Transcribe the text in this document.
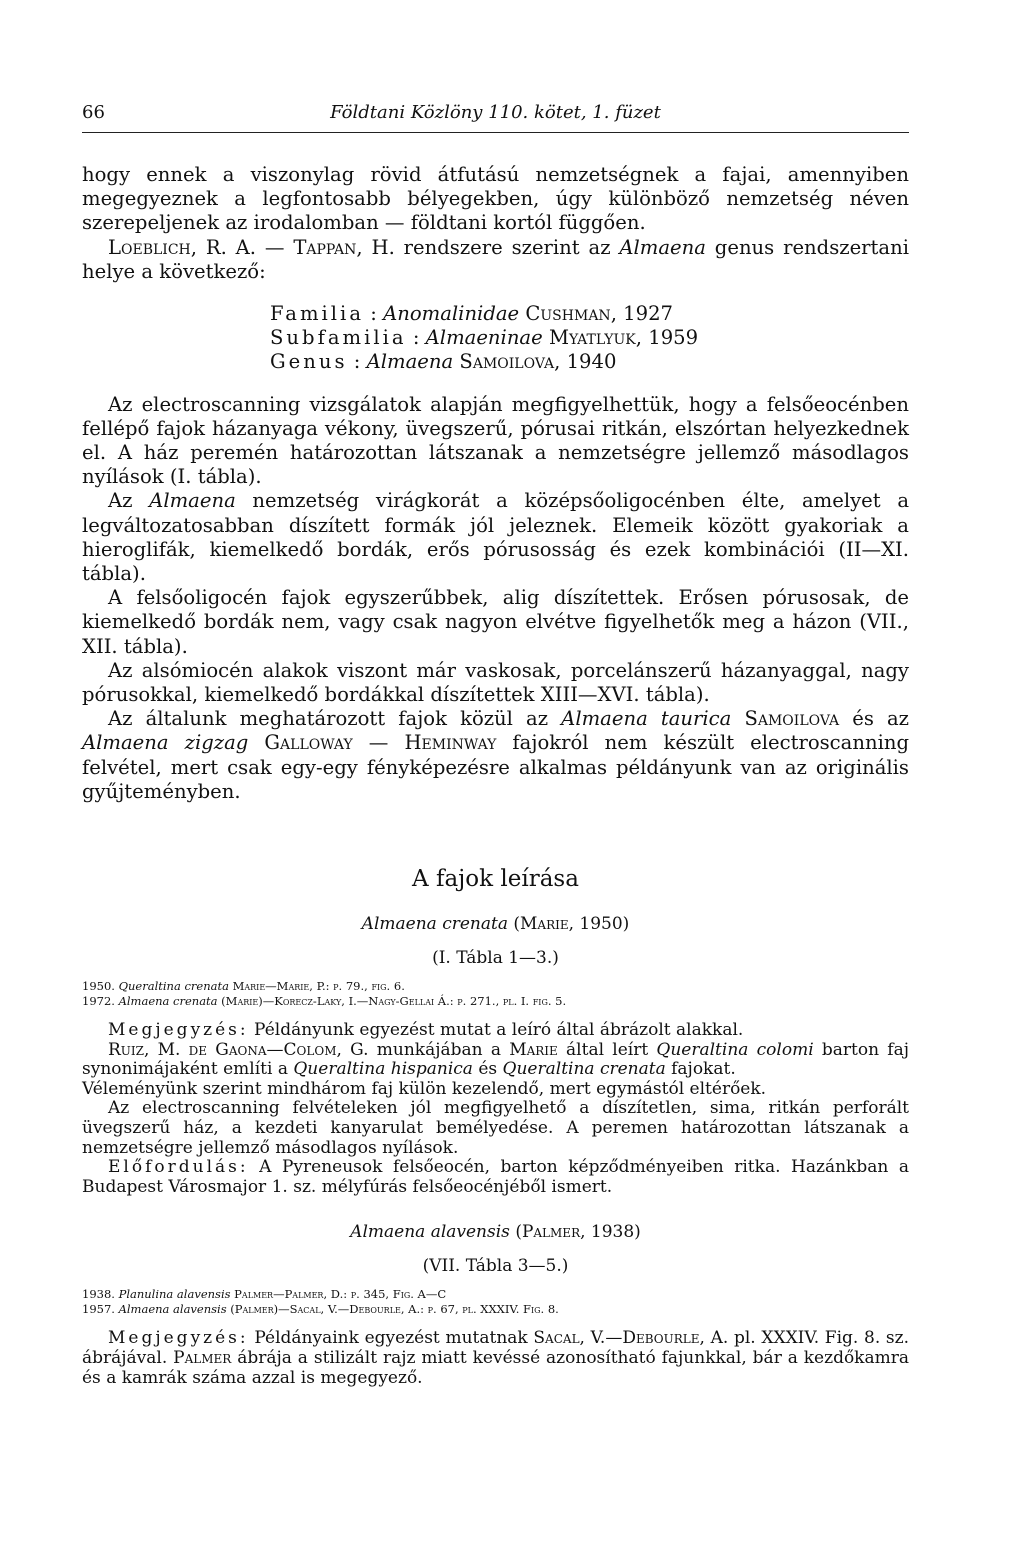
66	Földtani Közlöny 110. kötet, 1. füzet

hogy ennek a viszonylag rövid átfutású nemzetségnek a fajai, amennyiben megegyeznek a legfontosabb bélyegekben, úgy különböző nemzetség néven szerepeljenek az irodalomban — földtani kortól függően.

Loeblich, R. A. — Tappan, H. rendszere szerint az Almaena genus rendszertani helye a következő:

Familia : Anomalinidae Cushman, 1927
Subfamilia : Almaeninae Myatlyuk, 1959
Genus : Almaena Samoilova, 1940

Az electroscanning vizsgálatok alapján megfigyelhettük, hogy a felsőeocénben fellépő fajok házanyaga vékony, üvegszerű, pórusai ritkán, elszórtan helyezkednek el. A ház peremén határozottan látszanak a nemzetségre jellemző másodlagos nyílások (I. tábla).

Az Almaena nemzetség virágkorát a középsőoligocénben élte, amelyet a legváltozatosabban díszített formák jól jeleznek. Elemeik között gyakoriak a hieroglifák, kiemelkedő bordák, erős pórusosság és ezek kombinációi (II—XI. tábla).

A felsőoligocén fajok egyszerűbbek, alig díszítettek. Erősen pórusosak, de kiemelkedő bordák nem, vagy csak nagyon elvétve figyelhetők meg a házon (VII., XII. tábla).

Az alsómiocén alakok viszont már vaskosak, porcelánszerű házanyaggal, nagy pórusokkal, kiemelkedő bordákkal díszítettek XIII—XVI. tábla).

Az általunk meghatározott fajok közül az Almaena taurica Samoilova és az Almaena zigzag Galloway — Heminway fajokról nem készült electroscanning felvétel, mert csak egy-egy fényképezésre alkalmas példányunk van az originális gyűjteményben.

A fajok leírása
Almaena crenata (Marie, 1950)
(I. Tábla 1—3.)
1950. Queraltina crenata Marie—Marie, P.: p. 79., fig. 6.
1972. Almaena crenata (Marie)—Korecz-Laky, I.—Nagy-Gellai Á.: p. 271., pl. I. fig. 5.

Megjegyzés: Példányunk egyezést mutat a leíró által ábrázolt alakkal.

Ruiz, M. de Gaona—Colom, G. munkájában a Marie által leírt Queraltina colomi barton faj synonimájaként említi a Queraltina hispanica és Queraltina crenata fajokat.

Véleményünk szerint mindhárom faj külön kezelendő, mert egymástól eltérőek.

Az electroscanning felvételeken jól megfigyelhető a díszítetlen, sima, ritkán perforált üvegszerű ház, a kezdeti kanyarulat bemélyedése. A peremen határozottan látszanak a nemzetségre jellemző másodlagos nyílások.

Előfordulás: A Pyreneusok felsőeocén, barton képződményeiben ritka. Hazánkban a Budapest Városmajor 1. sz. mélyfúrás felsőeocénjéből ismert.

Almaena alavensis (Palmer, 1938)
(VII. Tábla 3—5.)
1938. Planulina alavensis Palmer—Palmer, D.: p. 345, Fig. A—C
1957. Almaena alavensis (Palmer)—Sacal, V.—Debourle, A.: p. 67, pl. XXXIV. Fig. 8.

Megjegyzés: Példányaink egyezést mutatnak Sacal, V.—Debourle, A. pl. XXXIV. Fig. 8. sz. ábrájával. Palmer ábrája a stilizált rajz miatt kevéssé azonosítható fajunkkal, bár a kezdőkamra és a kamrák száma azzal is megegyező.
